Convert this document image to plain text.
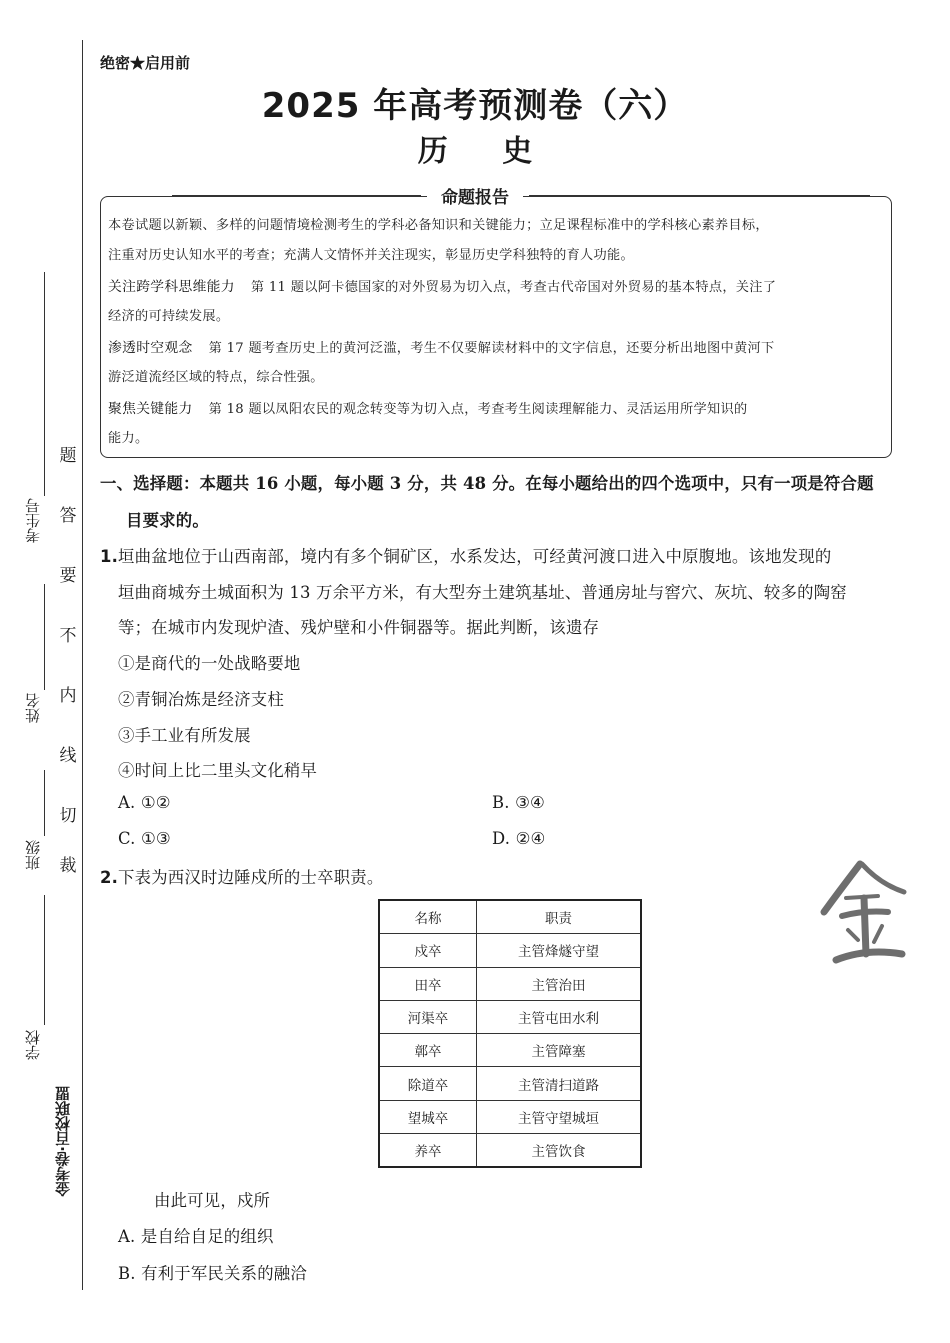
题
答
要
不
内
线
切
裁
考生号
姓名
班级
学校
金考卷·百校联盟
绝密★启用前
2025 年高考预测卷（六）
历 史
命题报告
本卷试题以新颖、多样的问题情境检测考生的学科必备知识和关键能力；立足课程标准中的学科核心素养目标，
注重对历史认知水平的考查；充满人文情怀并关注现实，彰显历史学科独特的育人功能。
关注跨学科思维能力 第 11 题以阿卡德国家的对外贸易为切入点，考查古代帝国对外贸易的基本特点，关注了
经济的可持续发展。
渗透时空观念 第 17 题考查历史上的黄河泛滥，考生不仅要解读材料中的文字信息，还要分析出地图中黄河下
游泛道流经区域的特点，综合性强。
聚焦关键能力 第 18 题以凤阳农民的观念转变等为切入点，考查考生阅读理解能力、灵活运用所学知识的
能力。
一、选择题：本题共 16 小题，每小题 3 分，共 48 分。在每小题给出的四个选项中，只有一项是符合题
目要求的。
1.垣曲盆地位于山西南部，境内有多个铜矿区，水系发达，可经黄河渡口进入中原腹地。该地发现的
垣曲商城夯土城面积为 13 万余平方米，有大型夯土建筑基址、普通房址与窖穴、灰坑、较多的陶窑
等；在城市内发现炉渣、残炉壁和小件铜器等。据此判断，该遗存
①是商代的一处战略要地
②青铜冶炼是经济支柱
③手工业有所发展
④时间上比二里头文化稍早
A. ①②	B. ③④
C. ①③	D. ②④
2.下表为西汉时边陲戍所的士卒职责。
名称	职责
戍卒	主管烽燧守望
田卒	主管治田
河渠卒	主管屯田水利
鄣卒	主管障塞
除道卒	主管清扫道路
望城卒	主管守望城垣
养卒	主管饮食
由此可见，戍所
A. 是自给自足的组织
B. 有利于军民关系的融洽
